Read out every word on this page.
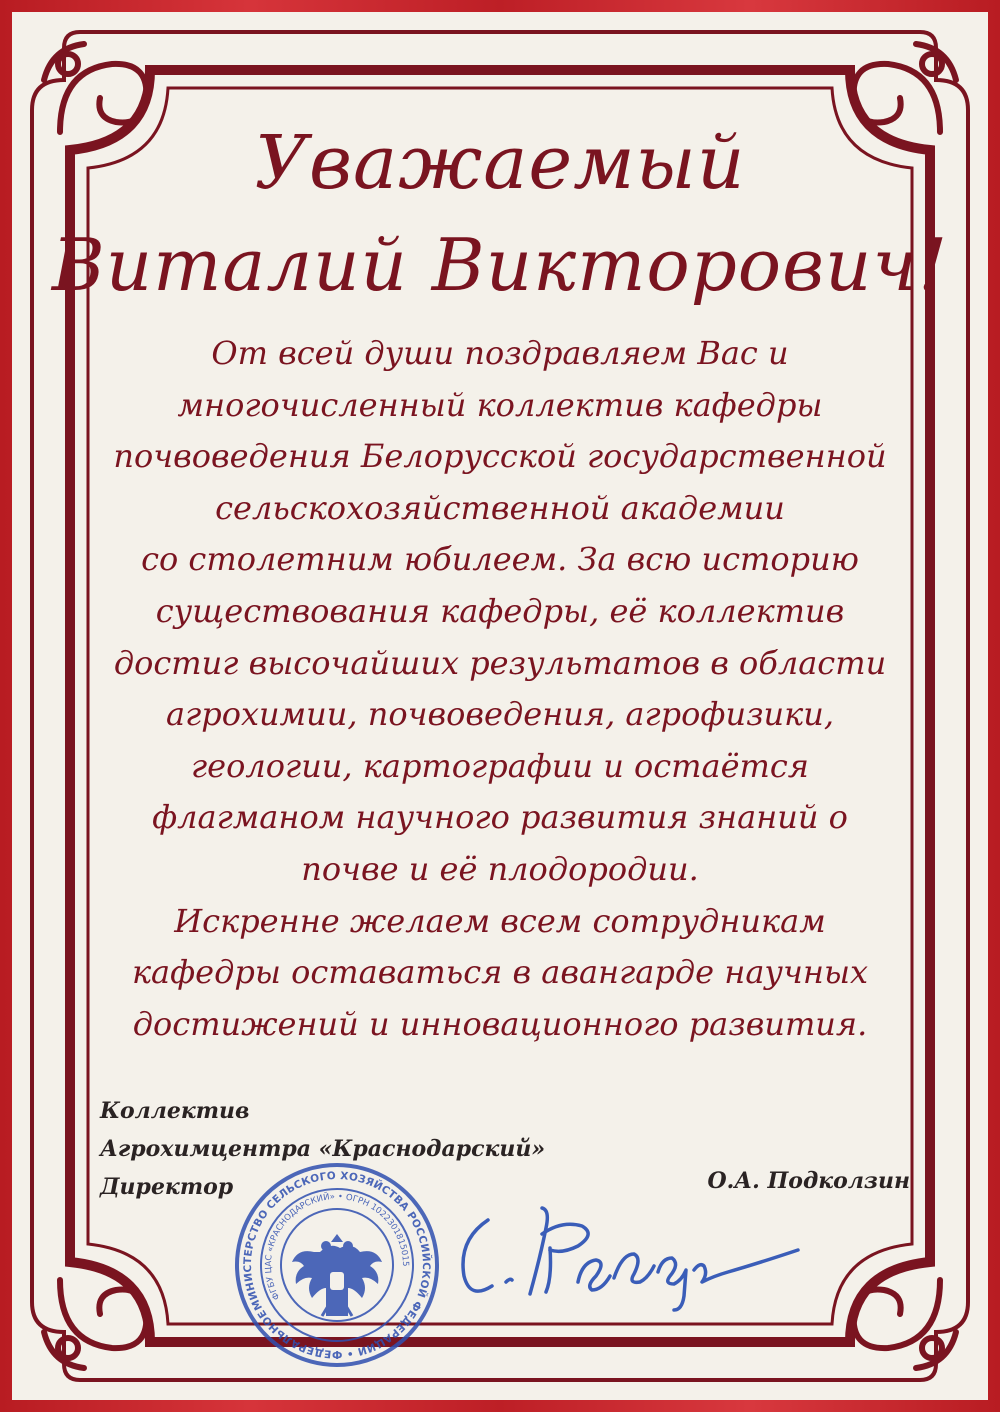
Уважаемый
Виталий Викторович!
От всей души поздравляем Вас и
многочисленный коллектив кафедры
почвоведения Белорусской государственной
сельскохозяйственной академии
со столетним юбилеем. За всю историю
существования кафедры, её коллектив
достиг высочайших результатов в области
агрохимии, почвоведения, агрофизики,
геологии, картографии и остаётся
флагманом научного развития знаний о
почве и её плодородии.
Искренне желаем всем сотрудникам
кафедры оставаться в авангарде научных
достижений и инновационного развития.
Коллектив
Агрохимцентра «Краснодарский»
Директор	О.А. Подколзин
МИНИСТЕРСТВО СЕЛЬСКОГО ХОЗЯЙСТВА РОССИЙСКОЙ ФЕДЕРАЦИИ • ФЕДЕРАЛЬНОЕ
ФГБУ ЦАС «КРАСНОДАРСКИЙ» • ОГРН 1022301815015
